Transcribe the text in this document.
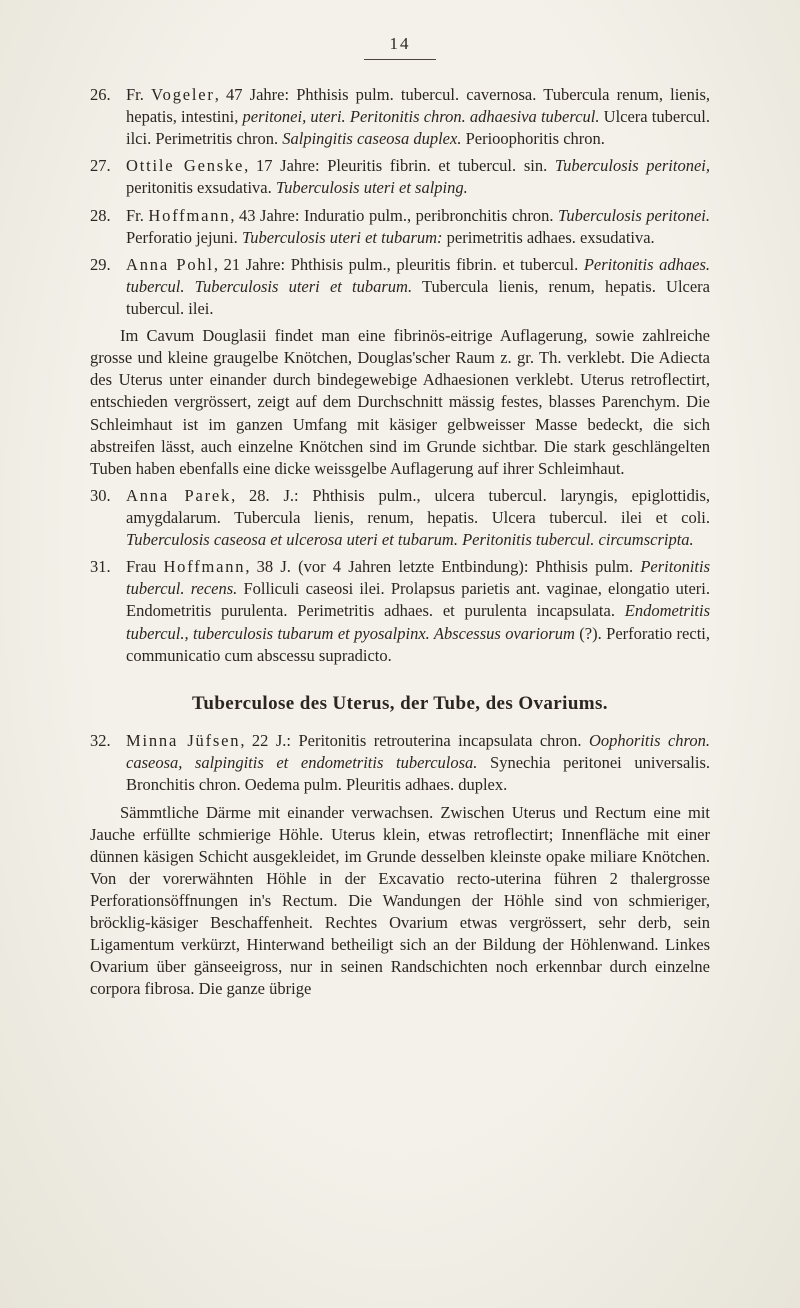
14

26. Fr. Vogeler, 47 Jahre: Phthisis pulm. tubercul. cavernosa. Tubercula renum, lienis, hepatis, intestini, peritonei, uteri. Peritonitis chron. adhaesiva tubercul. Ulcera tubercul. ilci. Perimetritis chron. Salpingitis caseosa duplex. Perioophoritis chron.

27. Ottile Genske, 17 Jahre: Pleuritis fibrin. et tubercul. sin. Tuberculosis peritonei, peritonitis exsudativa. Tuberculosis uteri et salping.

28. Fr. Hoffmann, 43 Jahre: Induratio pulm., peribronchitis chron. Tuberculosis peritonei. Perforatio jejuni. Tuberculosis uteri et tubarum: perimetritis adhaes. exsudativa.

29. Anna Pohl, 21 Jahre: Phthisis pulm., pleuritis fibrin. et tubercul. Peritonitis adhaes. tubercul. Tuberculosis uteri et tubarum. Tubercula lienis, renum, hepatis. Ulcera tubercul. ilei.

Im Cavum Douglasii findet man eine fibrinös-eitrige Auflagerung, sowie zahlreiche grosse und kleine graugelbe Knötchen, Douglas'scher Raum z. gr. Th. verklebt. Die Adiecta des Uterus unter einander durch bindegewebige Adhaesionen verklebt. Uterus retroflectirt, entschieden vergrössert, zeigt auf dem Durchschnitt mässig festes, blasses Parenchym. Die Schleimhaut ist im ganzen Umfang mit käsiger gelbweisser Masse bedeckt, die sich abstreifen lässt, auch einzelne Knötchen sind im Grunde sichtbar. Die stark geschlängelten Tuben haben ebenfalls eine dicke weissgelbe Auflagerung auf ihrer Schleimhaut.

30. Anna Parek, 28. J.: Phthisis pulm., ulcera tubercul. laryngis, epiglottidis, amygdalarum. Tubercula lienis, renum, hepatis. Ulcera tubercul. ilei et coli. Tuberculosis caseosa et ulcerosa uteri et tubarum. Peritonitis tubercul. circumscripta.

31. Frau Hoffmann, 38 J. (vor 4 Jahren letzte Entbindung): Phthisis pulm. Peritonitis tubercul. recens. Folliculi caseosi ilei. Prolapsus parietis ant. vaginae, elongatio uteri. Endometritis purulenta. Perimetritis adhaes. et purulenta incapsulata. Endometritis tubercul., tuberculosis tubarum et pyosalpinx. Abscessus ovariorum (?). Perforatio recti, communicatio cum abscessu supradicto.

Tuberculose des Uterus, der Tube, des Ovariums.

32. Minna Jüfsen, 22 J.: Peritonitis retrouterina incapsulata chron. Oophoritis chron. caseosa, salpingitis et endometritis tuberculosa. Synechia peritonei universalis. Bronchitis chron. Oedema pulm. Pleuritis adhaes. duplex.

Sämmtliche Därme mit einander verwachsen. Zwischen Uterus und Rectum eine mit Jauche erfüllte schmierige Höhle. Uterus klein, etwas retroflectirt; Innenfläche mit einer dünnen käsigen Schicht ausgekleidet, im Grunde desselben kleinste opake miliare Knötchen. Von der vorerwähnten Höhle in der Excavatio recto-uterina führen 2 thalergrosse Perforationsöffnungen in's Rectum. Die Wandungen der Höhle sind von schmieriger, bröcklig-käsiger Beschaffenheit. Rechtes Ovarium etwas vergrössert, sehr derb, sein Ligamentum verkürzt, Hinterwand betheiligt sich an der Bildung der Höhlenwand. Linkes Ovarium über gänseeigross, nur in seinen Randschichten noch erkennbar durch einzelne corpora fibrosa. Die ganze übrige
